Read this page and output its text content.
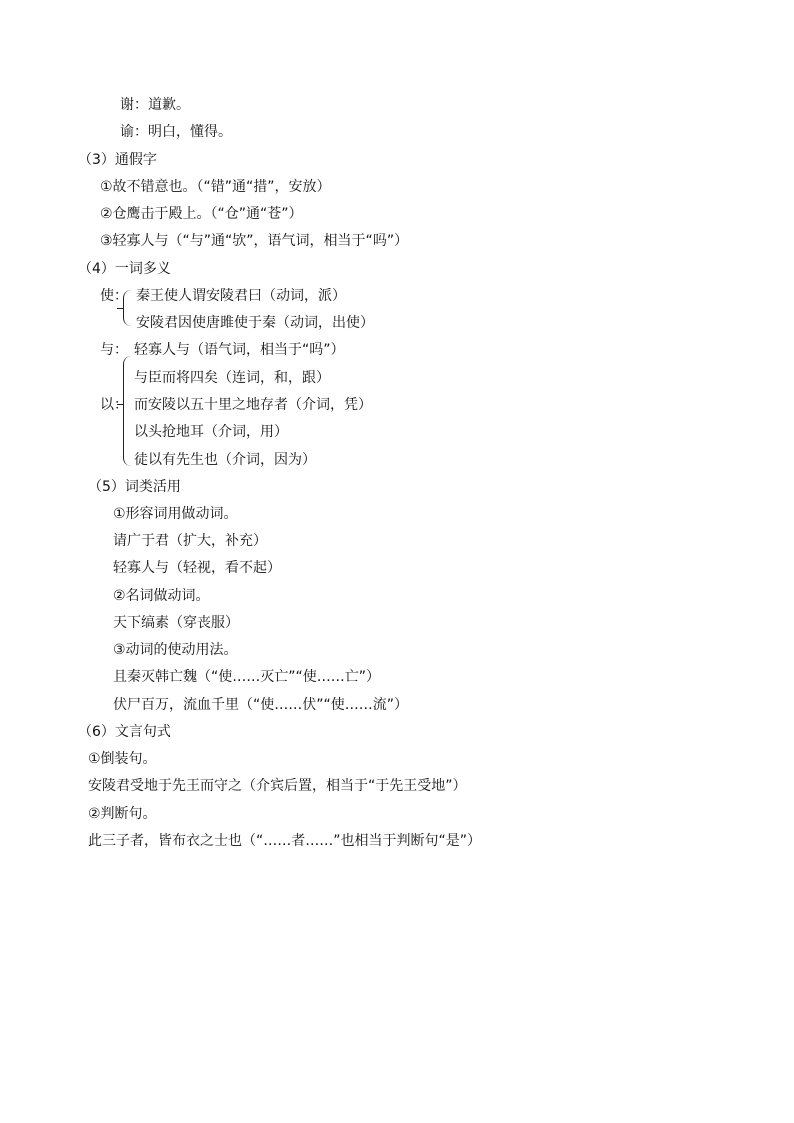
谢：道歉。
谕：明白，懂得。
（3）通假字
①故不错意也。（“错”通“措”，安放）
②仓鹰击于殿上。（“仓”通“苍”）
③轻寡人与（“与”通“欤”，语气词，相当于“吗”）
（4）一词多义
使： 秦王使人谓安陵君曰（动词，派）
安陵君因使唐雎使于秦（动词，出使）
与：
以：
轻寡人与（语气词，相当于“吗”）
与臣而将四矣（连词，和，跟）
而安陵以五十里之地存者（介词，凭）
以头抢地耳（介词，用）
徒以有先生也（介词，因为）
（5）词类活用
①形容词用做动词。
请广于君（扩大，补充）
轻寡人与（轻视，看不起）
②名词做动词。
天下缟素（穿丧服）
③动词的使动用法。
且秦灭韩亡魏（“使……灭亡”“使……亡”）
伏尸百万，流血千里（“使……伏”“使……流”）
（6）文言句式
①倒装句。
安陵君受地于先王而守之（介宾后置，相当于“于先王受地”）
②判断句。
此三子者，皆布衣之士也（“……者……”也相当于判断句“是”）
